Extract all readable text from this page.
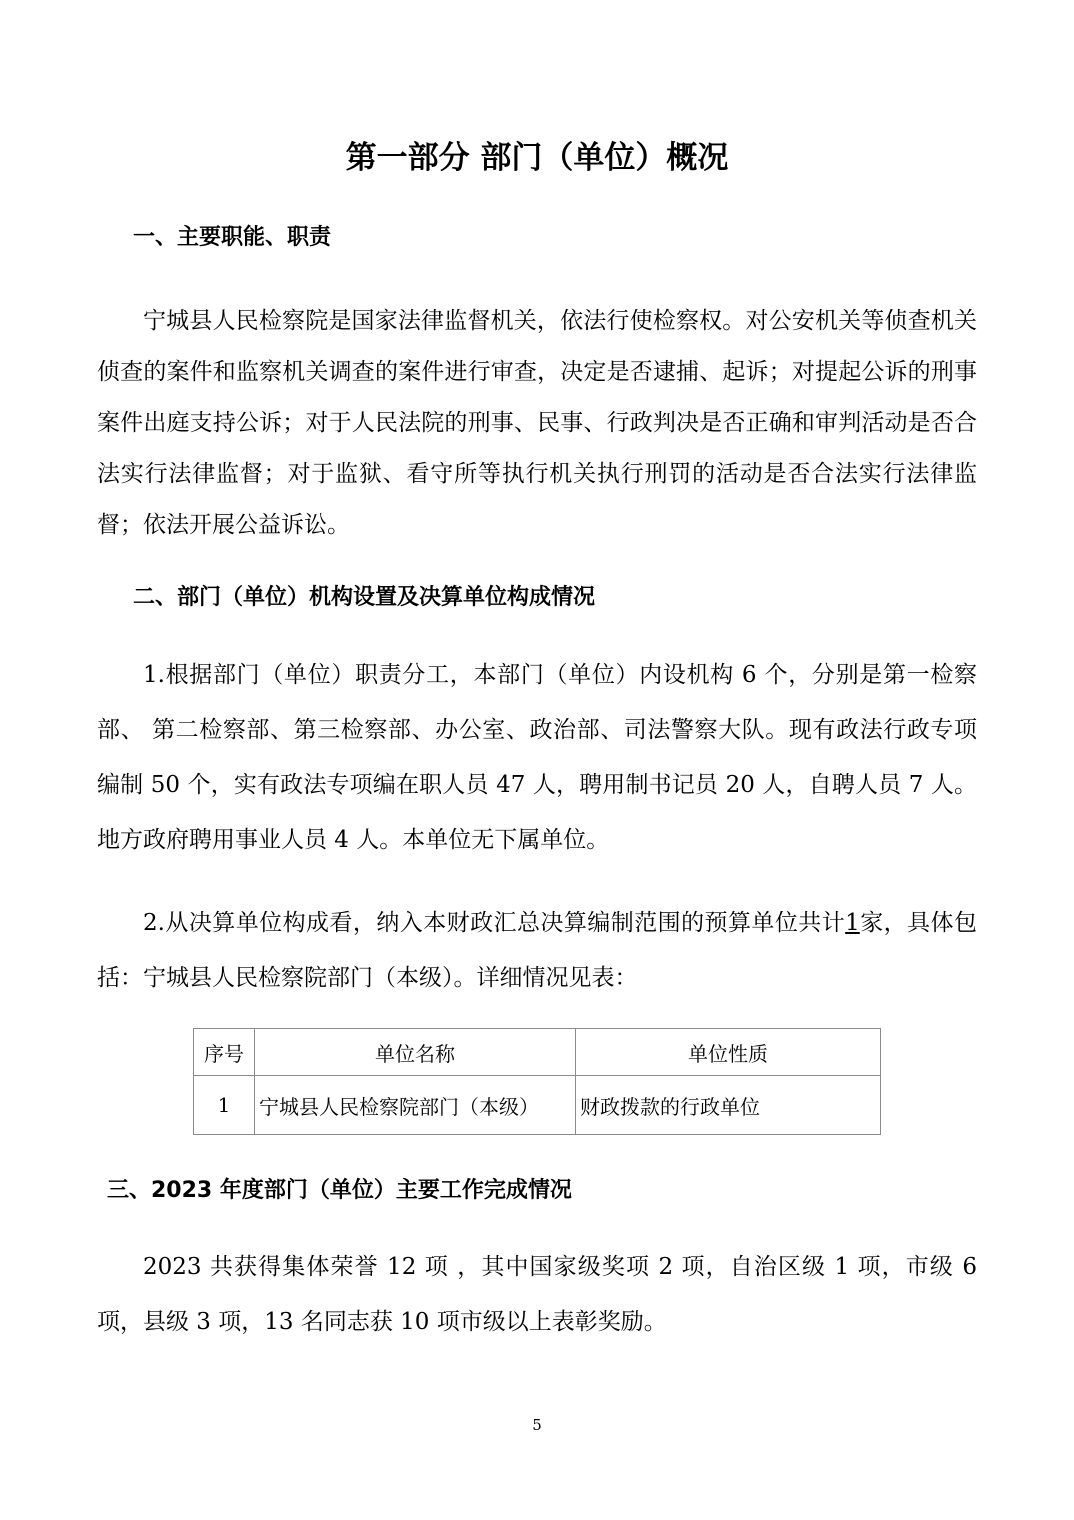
第一部分 部门（单位）概况
一、主要职能、职责
宁城县人民检察院是国家法律监督机关，依法行使检察权。对公安机关等侦查机关侦查的案件和监察机关调查的案件进行审查，决定是否逮捕、起诉；对提起公诉的刑事案件出庭支持公诉；对于人民法院的刑事、民事、行政判决是否正确和审判活动是否合法实行法律监督；对于监狱、看守所等执行机关执行刑罚的活动是否合法实行法律监督；依法开展公益诉讼。
二、部门（单位）机构设置及决算单位构成情况
1.根据部门（单位）职责分工，本部门（单位）内设机构 6 个，分别是第一检察部、 第二检察部、第三检察部、办公室、政治部、司法警察大队。现有政法行政专项编制 50 个，实有政法专项编在职人员 47 人，聘用制书记员 20 人，自聘人员 7 人。地方政府聘用事业人员 4 人。本单位无下属单位。
2.从决算单位构成看，纳入本财政汇总决算编制范围的预算单位共计1家，具体包括：宁城县人民检察院部门（本级）。详细情况见表：
序号	单位名称	单位性质
1	宁城县人民检察院部门（本级）	财政拨款的行政单位
三、2023 年度部门（单位）主要工作完成情况
2023 共获得集体荣誉 12 项 ，其中国家级奖项 2 项，自治区级 1 项，市级 6 项，县级 3 项，13 名同志获 10 项市级以上表彰奖励。
5
